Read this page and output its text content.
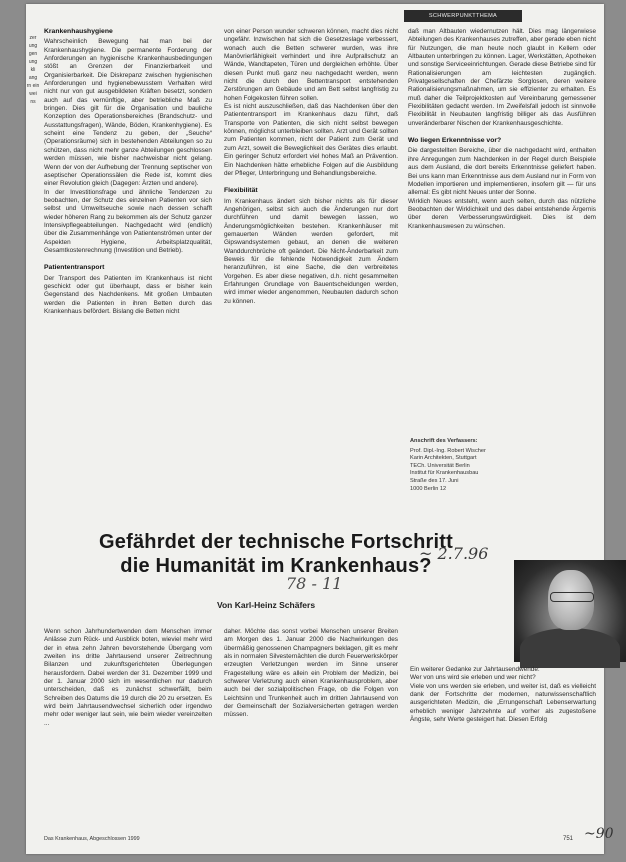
SCHWERPUNKTTHEMA
zer ung gen ung kli ang rn ein wei ns
Krankenhaushygiene

Wahrscheinlich Bewegung hat man bei der Krankenhaushygiene. Die permanente Forderung der Anforderungen an hygienische Krankenhausbedingungen stößt an Grenzen der Finanzierbarkeit und Organisierbarkeit. Die Diskrepanz zwischen hygienischen Anforderungen und hygienebewusstem Verhalten wird nicht nur von gut ausgebildeten Kräften besetzt, sondern auch auf das vernünftige, aber betriebliche Maß zu bringen. Dies gilt für die Organisation und bauliche Konzeption des Operationsbereiches (Brandschutz- und Ausstattungsfragen), Wände, Böden, Krankenhygiene). Es scheint eine Tendenz zu geben, der „Seuche“ (Operationsräume) sich in bestehenden Abteilungen so zu schützen, dass nicht mehr ganze Abteilungen geschlossen werden müssen, wie bisher nachweisbar nicht gelang. Wenn der von der Aufhebung der Trennung septischer von aseptischer Operationssälen die Rede ist, kommt dies einer Revolution gleich (Dagegen: Ärzten und andere).

In der Investitionsfrage und ähnliche Tendenzen zu beobachten, der Schutz des einzelnen Patienten vor sich selbst und Umweltseuche sowie nach dessen schafft wieder höheren Rang zu bekommen als der Schutz ganzer Intensivpflegeabteilungen. Nachgedacht wird (endlich) über die Zusammenhänge von Patientenströmen unter der Aspekten Hygiene, Arbeitsplatzqualität, Gesamtkostenrechnung (Investition und Betrieb).

Patiententransport

Der Transport des Patienten im Krankenhaus ist nicht geschickt oder gut überhaupt, dass er bisher kein Gegenstand des Nachdenkens. Mit großen Umbauten werden die Patienten in ihren Betten durch das Krankenhaus befördert. Bislang die Betten nicht

von einer Person wunder schweren können, macht dies nicht ungefähr. Inzwischen hat sich die Gesetzeslage verbessert, wonach auch die Betten schwerer wurden, was ihre Manövrierfähigkeit verhindert und ihre Aufprallschutz an Wände, Wandtapeten, Türen und dergleichen erhöhte. Über diesen Punkt muß ganz neu nachgedacht werden, wenn nicht die durch den Bettentransport entstehenden Zerstörungen am Gebäude und am Bett selbst langfristig zu hohen Folgekosten führen sollen.

Es ist nicht auszuschließen, daß das Nachdenken über den Patiententransport im Krankenhaus dazu führt, daß Transporte von Patienten, die sich nicht selbst bewegen können, möglichst unterbleiben sollten. Arzt und Gerät sollten zum Patienten kommen, nicht der Patient zum Gerät und zum Arzt, soweit die Beweglichkeit des Gerätes dies erlaubt. Ein geringer Schutz erfordert viel hohes Maß an Prävention. Ein Nachdenken hätte erhebliche Folgen auf die Ausbildung der Pfleger, Unterbringung und Behandlungsbereiche.

Flexibilität

Im Krankenhaus ändert sich bisher nichts als für dieser Angehörigen, selbst sich auch die Änderungen nur dort durchführen und damit bewegen lassen, wo Änderungsmöglichkeiten bestehen. Krankenhäuser mit gemauerten Wänden werden gefordert, mit Gipswandsystemen gebaut, an denen die weiteren Wanddurchbrüche oft geändert. Die Nicht-Änderbarkeit zum Beweis für die fehlende Notwendigkeit zum Ändern heranzuführen, ist eine Sache, die den verbreitetes Vorgehen. Es aber diese negativen, d.h. nicht gesammelten Erfahrungen Grundlage von Bauentscheidungen werden, wird immer wieder angenommen, Neubauten dadurch schon zu können.

daß man Altbauten wiedernutzen hält. Dies mag längerwiese Abteilungen des Krankenhauses zutreffen, aber gerade eben nicht für Nutzungen, die man heute noch glaubt in Kellern oder Altbauten unterbringen zu können. Lager, Werkstätten, Apotheken und sonstige Serviceeinrichtungen. Gerade diese Betriebe sind für Rationalisierungen am leichtesten zugänglich. Privatgesellschaften der Chefärzte Sorglosen, deren weitere Rationalisierungsmaßnahmen, um sie effizienter zu erhalten. Es muß daher die Teilprojektkosten auf Vereinbarung gemessener Flexibilitäten gedacht werden. Im Zweifelsfall jedoch ist sinnvolle Flexibilität in Neubauten langfristig billiger als das Ausführen unveränderbarer Nischen der Krankenhausgeschichte.

Wo liegen Erkenntnisse vor?

Die dargestellten Bereiche, über die nachgedacht wird, enthalten ihre Anregungen zum Nachdenken in der Regel durch Beispiele aus dem Ausland, die dort bereits Erkenntnisse geliefert haben. Bei uns kann man Erkenntnisse aus dem Ausland nur in Form von Modellen importieren und implementieren, insofern gilt — für uns allemal: Es gibt nicht Neues unter der Sonne.

Wirklich Neues entsteht, wenn auch selten, durch das nützliche Beobachten der Wirklichkeit und des dabei entstehende Ärgernis über deren Verbesserungswürdigkeit. Dies ist dem Krankenhauswesen zu wünschen.

Anschrift des Verfassers:
Prof. Dipl.-Ing. Robert Wischer
Karin Architekten, Stuttgart
TECh. Universität Berlin
Institut für Krankenhausbau
Straße des 17. Juni
1000 Berlin 12
Gefährdet der technische Fortschritt
die Humanität im Krankenhaus?
~ 2.7.96
78 - 11
Von Karl-Heinz Schäfers

Wenn schon Jahrhundertwenden dem Menschen immer Anlässe zum Rück- und Ausblick boten, wieviel mehr wird der in etwa zehn Jahren bevorstehende Übergang vom zweiten ins dritte Jahrtausend unserer Zeitrechnung Bilanzen und zukunftsgerichteten Überlegungen herausfordern. Dabei werden der 31. Dezember 1999 und der 1. Januar 2000 sich im wesentlichen nur dadurch unterscheiden, daß es zunächst schwerfällt, beim Schreiben des Datums die 19 durch die 20 zu ersetzen. Es wird beim Jahrtausendwechsel sicherlich oder irgendwo mehr oder weniger laut sein, wie beim wieder vereinzelten ...

daher. Möchte das sonst vorbei Menschen unserer Breiten am Morgen des 1. Januar 2000 die Nachwirkungen des übermäßig genossenen Champagners beklagen, gilt es mehr als in normalen Silvesternächten die durch Feuerwerkskörper erzeugten Verletzungen werden im Sinne unserer Fragestellung wäre es allein ein Problem der Medizin, bei schwerer Verletzung auch einen Krankenhausproblem, aber auch bei der sozialpolitischen Frage, ob die Folgen von Leichtsinn und Trunkenheit auch im dritten Jahrtausend von der Gemeinschaft der Sozialversicherten getragen werden müssen.

Ein weiterer Gedanke zur Jahrtausendwende:

Wer von uns wird sie erleben und wer nicht?

Viele von uns werden sie erleben, und weiter ist, daß es vielleicht dank der Fortschritte der modernen, naturwissenschaftlich ausgerichteten Medizin, die „Errungenschaft Lebenserwartung erheblich weniger Jahrzehnte auf vorher als zugestoßene Ängste, sehr Werte gesteigert hat. Diesen Erfolg

Das Krankenhaus, Abgeschlossen 1999	751 ~90
